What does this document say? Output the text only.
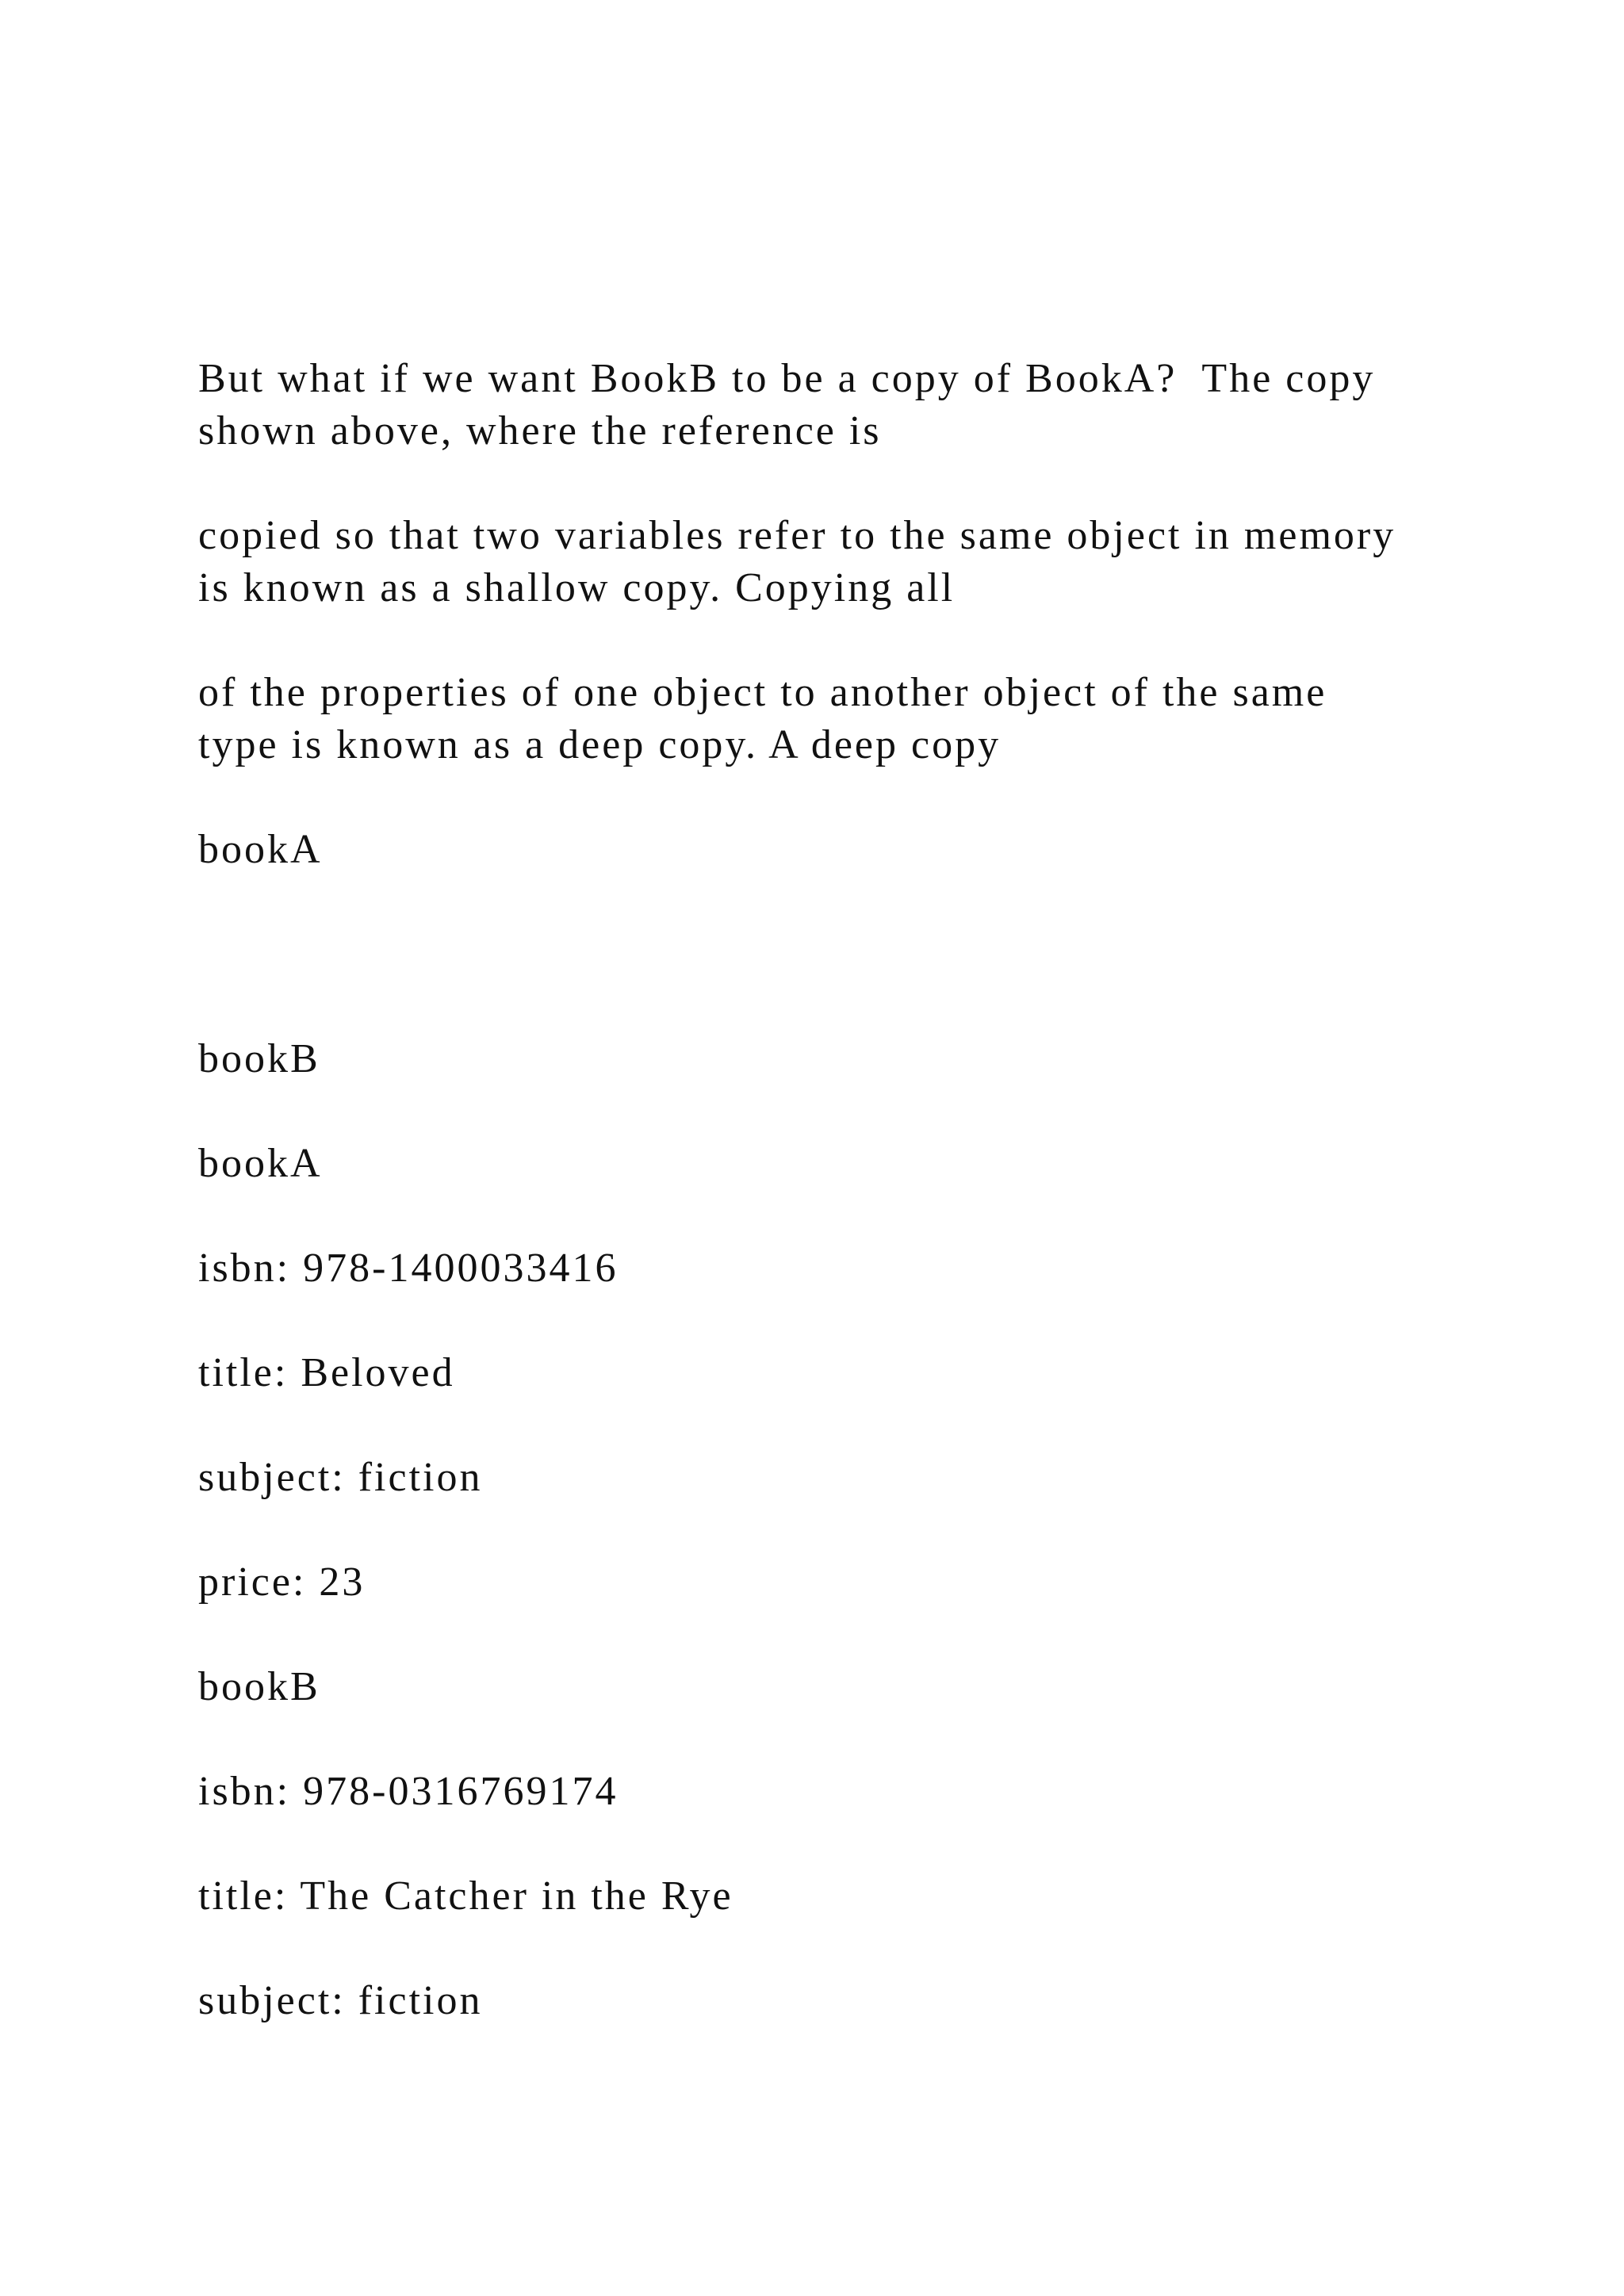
But what if we want BookB to be a copy of BookA?  The copy
shown above, where the reference is

copied so that two variables refer to the same object in memory
is known as a shallow copy. Copying all

of the properties of one object to another object of the same
type is known as a deep copy. A deep copy

bookA

bookB

bookA

isbn: 978-1400033416

title: Beloved

subject: fiction

price: 23

bookB

isbn: 978-0316769174

title: The Catcher in the Rye

subject: fiction
